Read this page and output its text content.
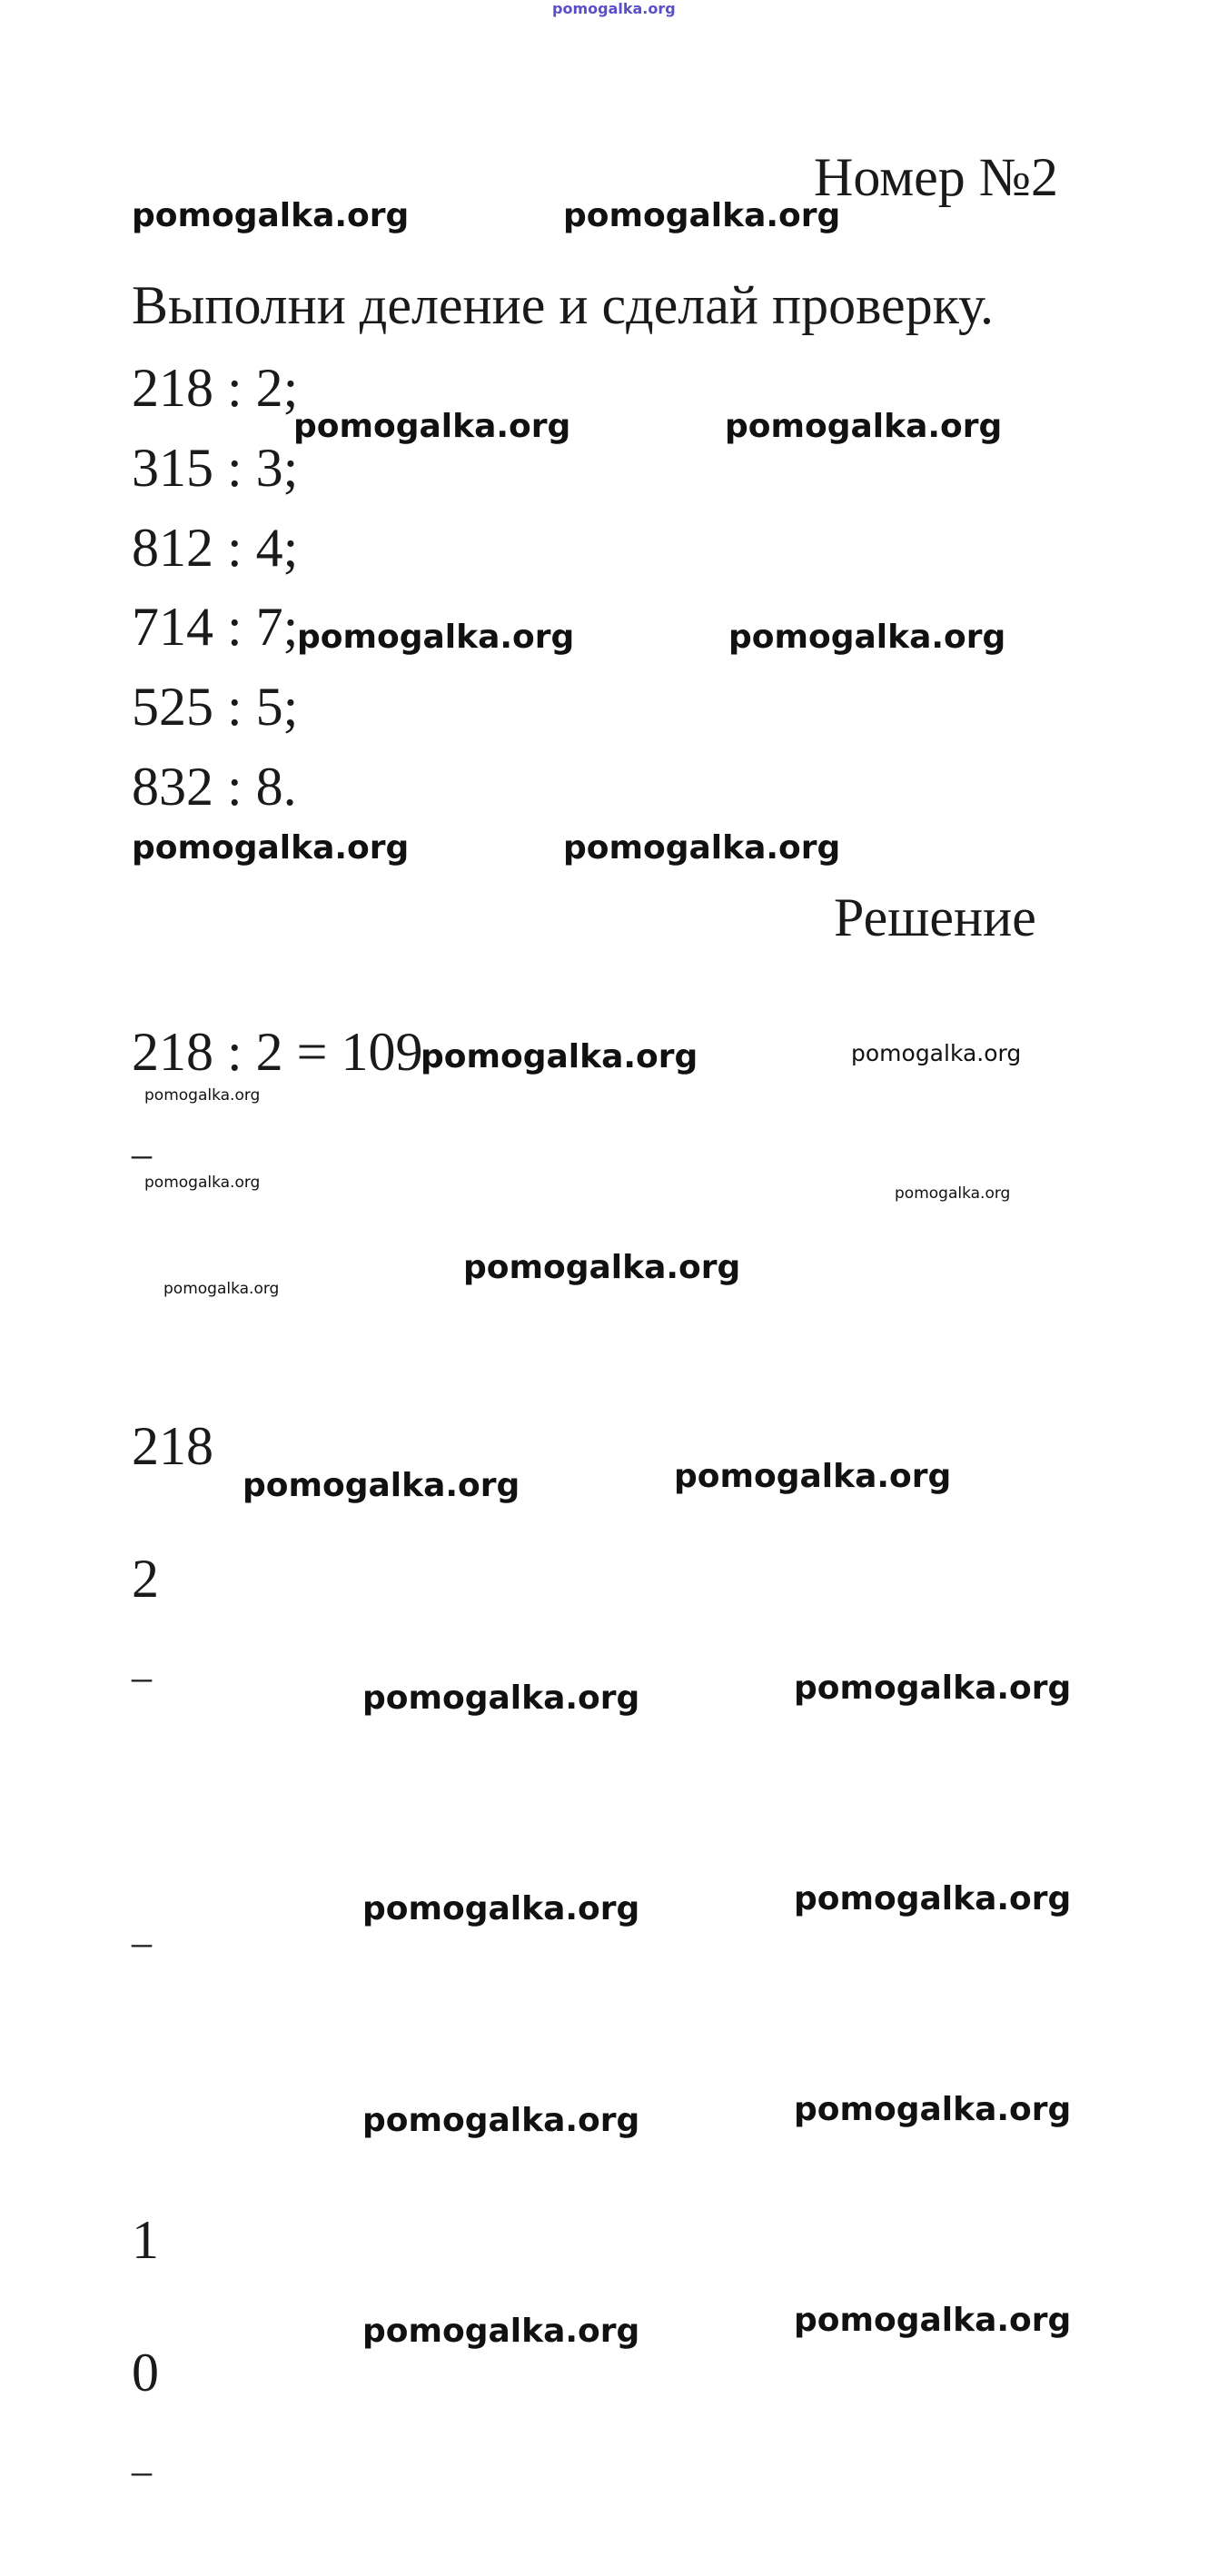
pomogalka.org
Номер №2
pomogalka.org	pomogalka.org
Выполни деление и сделай проверку.
218 : 2;
315 : 3;
812 : 4;
714 : 7;
525 : 5;
832 : 8.
pomogalka.org	pomogalka.org
pomogalka.org	pomogalka.org
pomogalka.org	pomogalka.org
Решение
218 : 2 = 109
pomogalka.org	pomogalka.org
pomogalka.org
_
pomogalka.org
pomogalka.org
pomogalka.org
pomogalka.org
218
pomogalka.org	pomogalka.org
2
_
pomogalka.org	pomogalka.org
pomogalka.org	pomogalka.org
_
pomogalka.org	pomogalka.org
1
pomogalka.org	pomogalka.org
0
_
